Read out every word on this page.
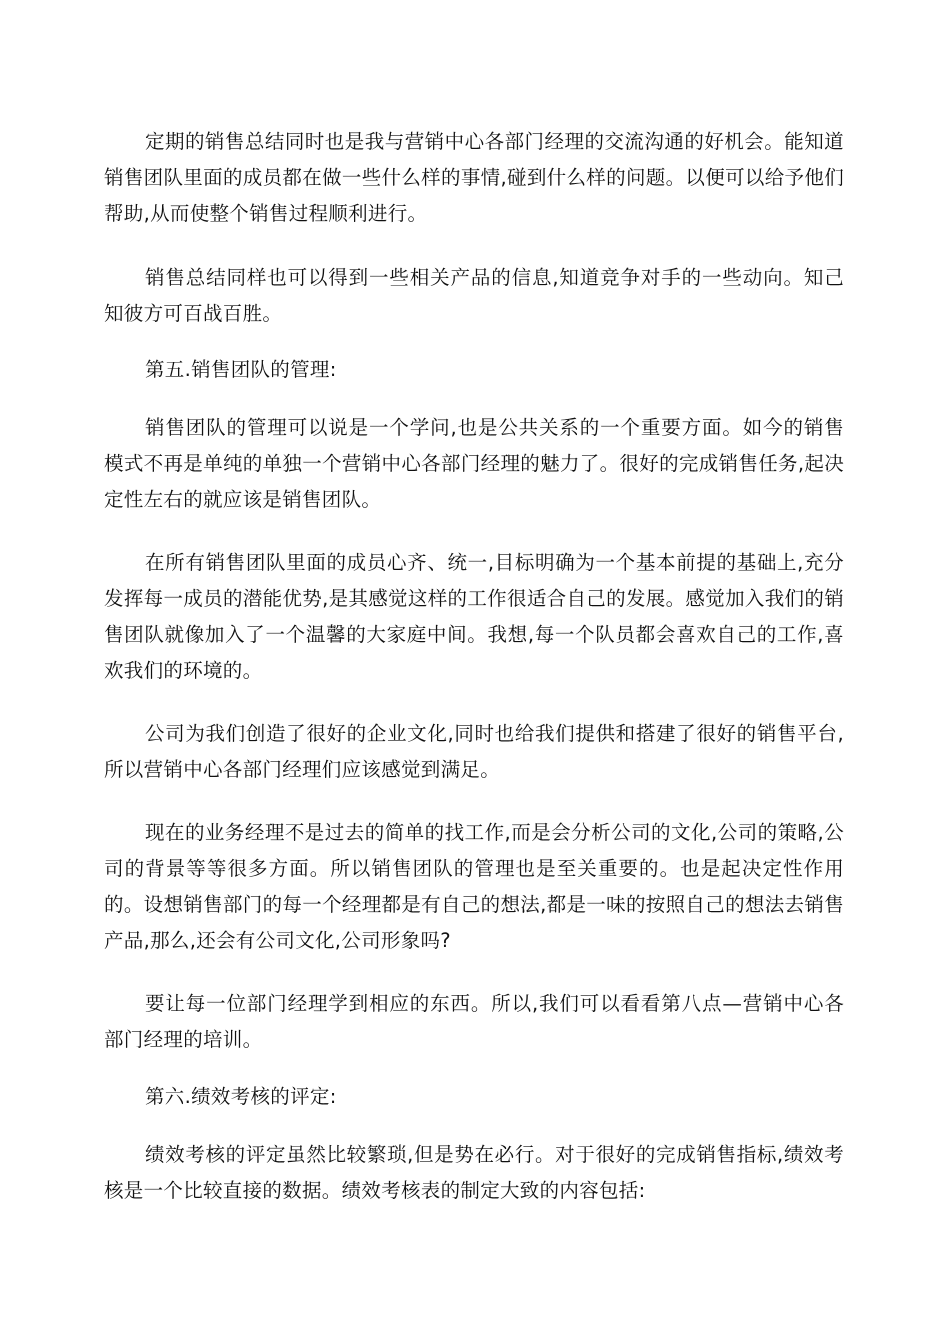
定期的销售总结同时也是我与营销中心各部门经理的交流沟通的好机会。能知道销售团队里面的成员都在做一些什么样的事情,碰到什么样的问题。以便可以给予他们帮助,从而使整个销售过程顺利进行。

销售总结同样也可以得到一些相关产品的信息,知道竞争对手的一些动向。知己知彼方可百战百胜。

第五.销售团队的管理:

销售团队的管理可以说是一个学问,也是公共关系的一个重要方面。如今的销售模式不再是单纯的单独一个营销中心各部门经理的魅力了。很好的完成销售任务,起决定性左右的就应该是销售团队。

在所有销售团队里面的成员心齐、统一,目标明确为一个基本前提的基础上,充分发挥每一成员的潜能优势,是其感觉这样的工作很适合自己的发展。感觉加入我们的销售团队就像加入了一个温馨的大家庭中间。我想,每一个队员都会喜欢自己的工作,喜欢我们的环境的。

公司为我们创造了很好的企业文化,同时也给我们提供和搭建了很好的销售平台,所以营销中心各部门经理们应该感觉到满足。

现在的业务经理不是过去的简单的找工作,而是会分析公司的文化,公司的策略,公司的背景等等很多方面。所以销售团队的管理也是至关重要的。也是起决定性作用的。设想销售部门的每一个经理都是有自己的想法,都是一味的按照自己的想法去销售产品,那么,还会有公司文化,公司形象吗?

要让每一位部门经理学到相应的东西。所以,我们可以看看第八点—营销中心各部门经理的培训。

第六.绩效考核的评定:

绩效考核的评定虽然比较繁琐,但是势在必行。对于很好的完成销售指标,绩效考核是一个比较直接的数据。绩效考核表的制定大致的内容包括:
